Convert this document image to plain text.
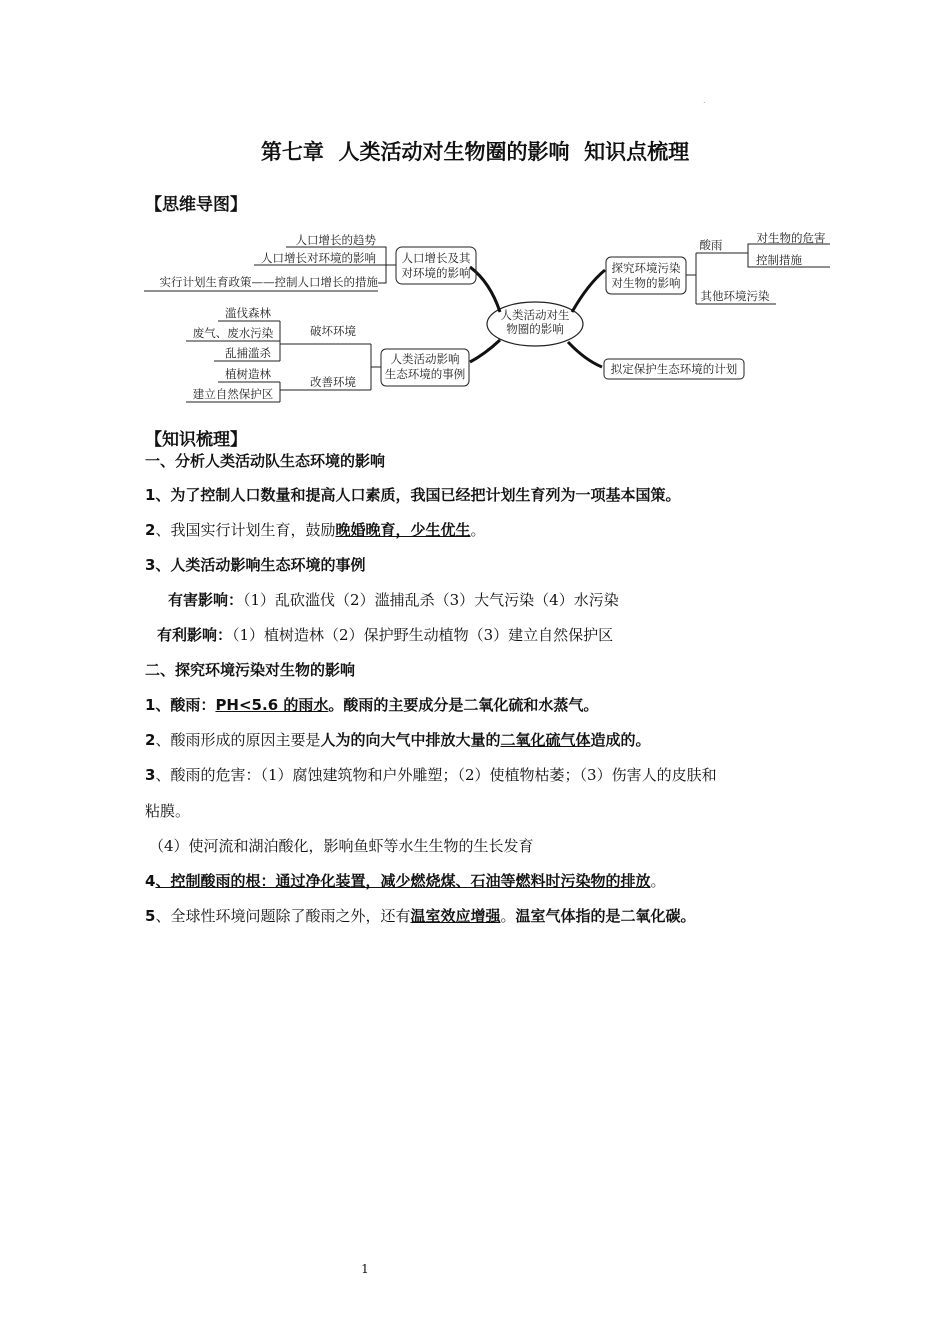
.
第七章  人类活动对生物圈的影响  知识点梳理
【思维导图】
人类活动对生
物圈的影响
人口增长及其
对环境的影响
人口增长的趋势
人口增长对环境的影响
实行计划生育政策——控制人口增长的措施
人类活动影响
生态环境的事例
破坏环境
改善环境
滥伐森林
废气、废水污染
乱捕滥杀
植树造林
建立自然保护区
探究环境污染
对生物的影响
酸雨
其他环境污染
对生物的危害
控制措施
拟定保护生态环境的计划
【知识梳理】
一、分析人类活动队生态环境的影响
1、为了控制人口数量和提高人口素质，我国已经把计划生育列为一项基本国策。
2、我国实行计划生育，鼓励晚婚晚育，少生优生。
3、人类活动影响生态环境的事例
有害影响：（1）乱砍滥伐（2）滥捕乱杀（3）大气污染（4）水污染
有利影响：（1）植树造林（2）保护野生动植物（3）建立自然保护区
二、探究环境污染对生物的影响
1、酸雨：PH<5.6 的雨水。酸雨的主要成分是二氧化硫和水蒸气。
2、酸雨形成的原因主要是人为的向大气中排放大量的二氧化硫气体造成的。
3、酸雨的危害：（1）腐蚀建筑物和户外雕塑；（2）使植物枯萎；（3）伤害人的皮肤和
粘膜。
（4）使河流和湖泊酸化，影响鱼虾等水生生物的生长发育
4、控制酸雨的根：通过净化装置，减少燃烧煤、石油等燃料时污染物的排放。
5、全球性环境问题除了酸雨之外，还有温室效应增强。温室气体指的是二氧化碳。
1
